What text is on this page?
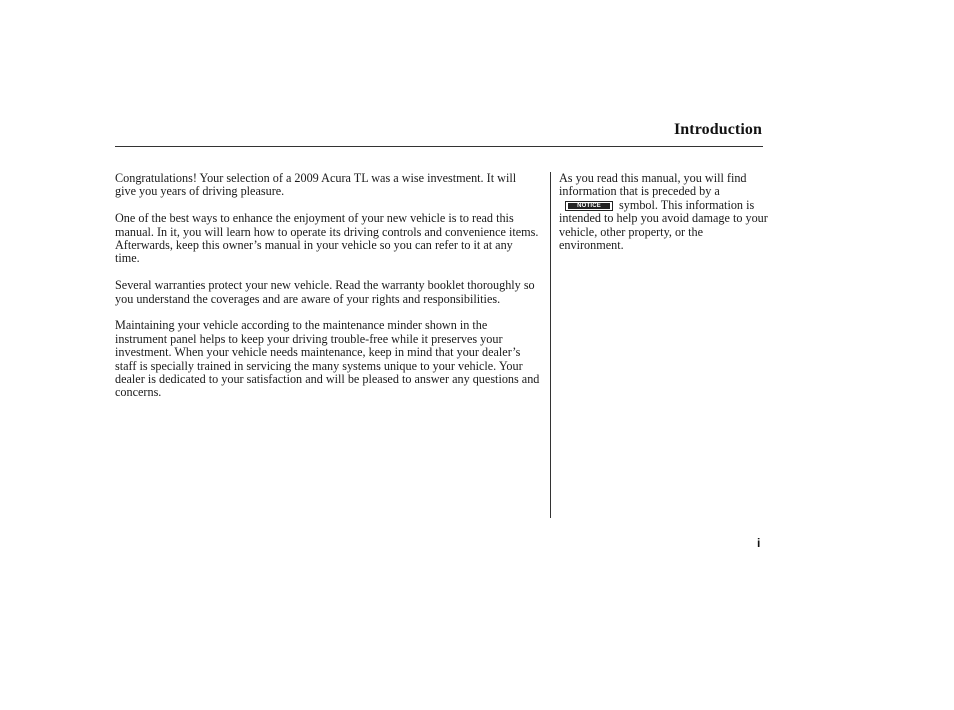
Introduction

Congratulations! Your selection of a 2009 Acura TL was a wise investment. It will give you years of driving pleasure.

One of the best ways to enhance the enjoyment of your new vehicle is to read this manual. In it, you will learn how to operate its driving controls and convenience items. Afterwards, keep this owner’s manual in your vehicle so you can refer to it at any time.

Several warranties protect your new vehicle. Read the warranty booklet thoroughly so you understand the coverages and are aware of your rights and responsibilities.

Maintaining your vehicle according to the maintenance minder shown in the instrument panel helps to keep your driving trouble-free while it preserves your investment. When your vehicle needs maintenance, keep in mind that your dealer’s staff is specially trained in servicing the many systems unique to your vehicle. Your dealer is dedicated to your satisfaction and will be pleased to answer any questions and concerns.

As you read this manual, you will find information that is preceded by a
NOTICE	symbol. This information is intended to help you avoid damage to your vehicle, other property, or the environment.

i
